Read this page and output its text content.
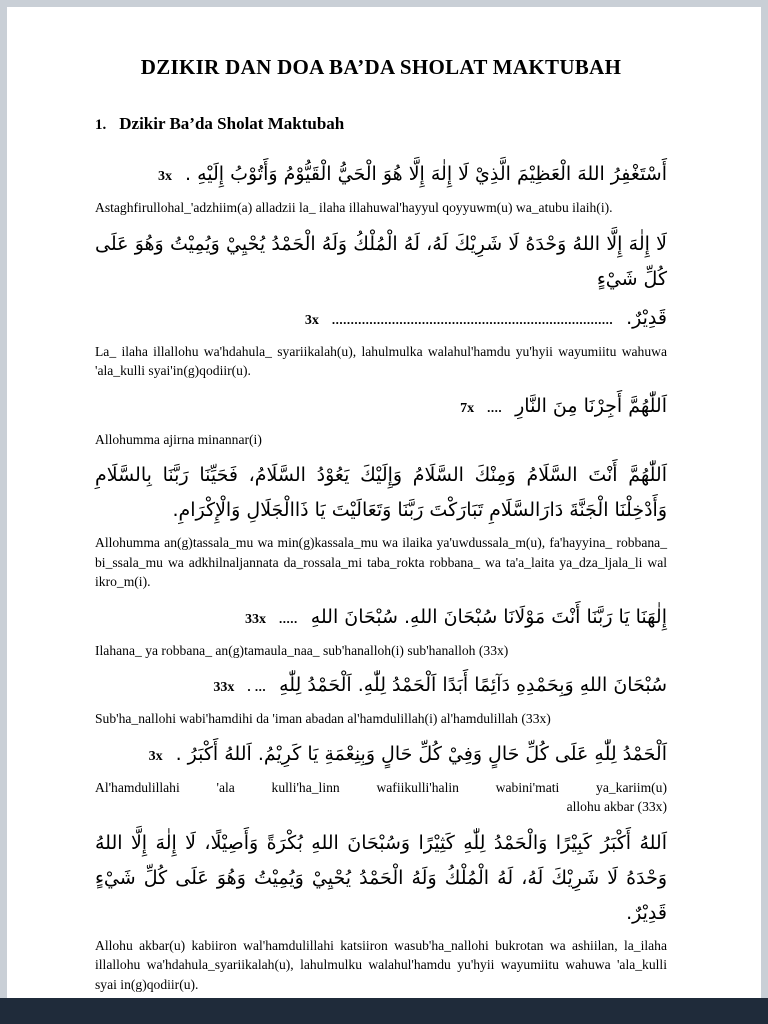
DZIKIR DAN DOA BA’DA SHOLAT MAKTUBAH
1. Dzikir Ba’da Sholat Maktubah
3x أَسْتَغْفِرُ اللهَ الْعَظِيْمَ الَّذِيْ لَا إِلٰهَ إِلَّا هُوَ الْحَيُّ الْقَيُّوْمُ وَأَتُوْبُ إِلَيْهِ .
Astaghfirullohal_'adzhiim(a) alladzii la_ ilaha illahuwal'hayyul qoyyuwm(u) wa_atubu ilaih(i).
لَا إِلٰهَ إِلَّا اللهُ وَحْدَهُ لَا شَرِيْكَ لَهُ، لَهُ الْمُلْكُ وَلَهُ الْحَمْدُ يُحْيِيْ وَيُمِيْتُ وَهُوَ عَلَى كُلِّ شَيْءٍ
3x ........................................................................... قَدِيْرٌ.
La_ ilaha illallohu wa'hdahula_ syariikalah(u), lahulmulka walahul'hamdu yu'hyii wayumiitu wahuwa 'ala_kulli syai'in(g)qodiir(u).
7x .... اَللّٰهُمَّ أَجِرْنَا مِنَ النَّارِ
Allohumma ajirna minannar(i)
اَللّٰهُمَّ أَنْتَ السَّلَامُ وَمِنْكَ السَّلَامُ وَإِلَيْكَ يَعُوْدُ السَّلَامُ، فَحَيِّنَا رَبَّنَا بِالسَّلَامِ وَأَدْخِلْنَا الْجَنَّةَ دَارَالسَّلَامِ تَبَارَكْتَ رَبَّنَا وَتَعَالَيْتَ يَا ذَاالْجَلَالِ وَالْإِكْرَامِ.
Allohumma an(g)tassala_mu wa min(g)kassala_mu wa ilaika ya'uwdussala_m(u), fa'hayyina_ robbana_ bi_ssala_mu wa adkhilnaljannata da_rossala_mi taba_rokta robbana_ wa ta'a_laita ya_dza_ljala_li wal ikro_m(i).
33x ..... إِلٰهَنَا يَا رَبَّنَا أَنْتَ مَوْلَانَا سُبْحَانَ اللهِ. سُبْحَانَ اللهِ
Ilahana_ ya robbana_ an(g)tamaula_naa_ sub'hanalloh(i) sub'hanalloh (33x)
33x . ... سُبْحَانَ اللهِ وَبِحَمْدِهِ دَآئِمًا أَبَدًا اَلْحَمْدُ لِلّٰهِ. اَلْحَمْدُ لِلّٰهِ
Sub'ha_nallohi wabi'hamdihi da 'iman abadan al'hamdulillah(i) al'hamdulillah (33x)
3x اَلْحَمْدُ لِلّٰهِ عَلَى كُلِّ حَالٍ وَفِيْ كُلِّ حَالٍ وَبِنِعْمَةِ يَا كَرِيْمُ. اَللهُ أَكْبَرُ .
Al'hamdulillahi 'ala kulli'ha_linn wafiikulli'halin wabini'mati ya_kariim(u)
allohu akbar (33x)
اَللهُ أَكْبَرُ كَبِيْرًا وَالْحَمْدُ لِلّٰهِ كَثِيْرًا وَسُبْحَانَ اللهِ بُكْرَةً وَأَصِيْلًا، لَا إِلٰهَ إِلَّا اللهُ وَحْدَهُ لَا شَرِيْكَ لَهُ، لَهُ الْمُلْكُ وَلَهُ الْحَمْدُ يُحْيِيْ وَيُمِيْتُ وَهُوَ عَلَى كُلِّ شَيْءٍ قَدِيْرٌ.
Allohu akbar(u) kabiiron wal'hamdulillahi katsiiron wasub'ha_nallohi bukrotan wa ashiilan, la_ilaha illallohu wa'hdahula_syariikalah(u), lahulmulku walahul'hamdu yu'hyii wayumiitu wahuwa 'ala_kulli syai in(g)qodiir(u).
